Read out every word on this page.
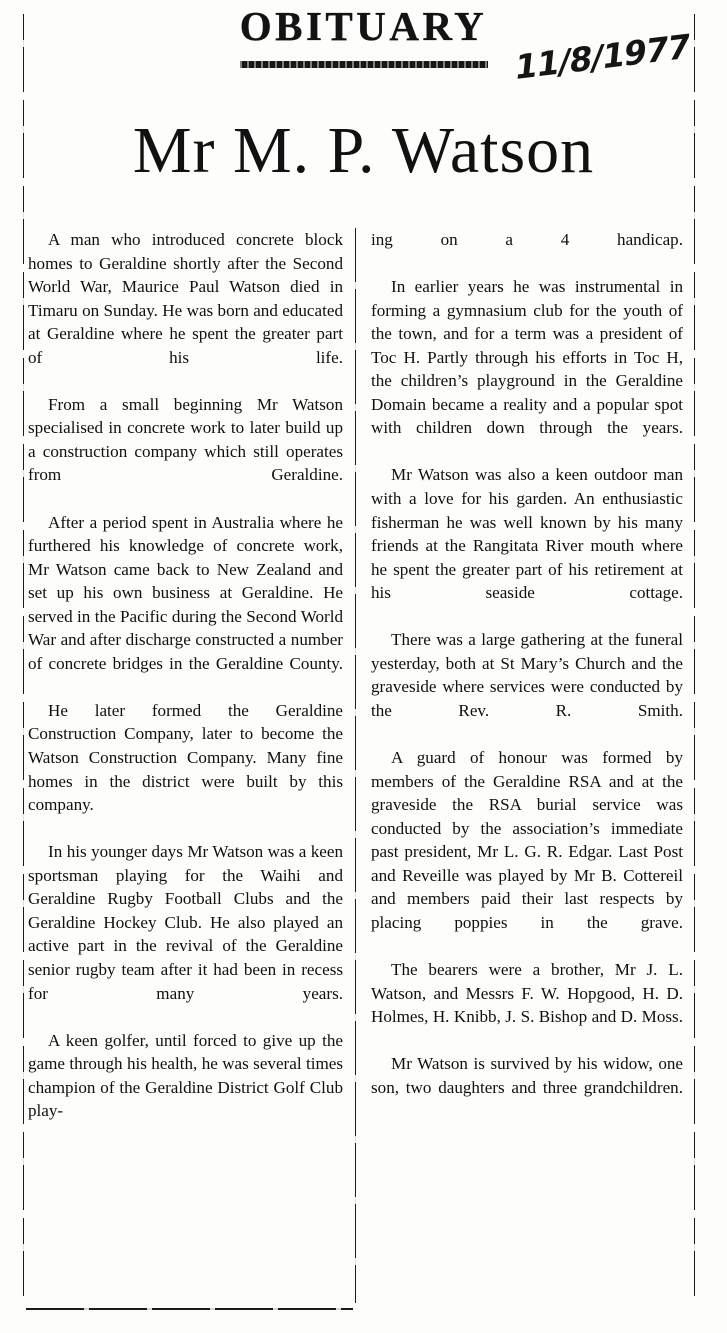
OBITUARY
11/8/1977
Mr M. P. Watson

A man who introduced concrete block homes to Geraldine shortly after the Second World War, Maurice Paul Watson died in Timaru on Sunday. He was born and educated at Geraldine where he spent the greater part of his life.

From a small beginning Mr Watson specialised in concrete work to later build up a construction company which still operates from Geraldine.

After a period spent in Australia where he furthered his knowledge of concrete work, Mr Watson came back to New Zealand and set up his own business at Geraldine. He served in the Pacific during the Second World War and after discharge constructed a number of concrete bridges in the Geraldine County.

He later formed the Geraldine Construction Company, later to become the Watson Construction Company. Many fine homes in the district were built by this company.

In his younger days Mr Watson was a keen sportsman playing for the Waihi and Geraldine Rugby Football Clubs and the Geraldine Hockey Club. He also played an active part in the revival of the Geraldine senior rugby team after it had been in recess for many years.

A keen golfer, until forced to give up the game through his health, he was several times champion of the Geraldine District Golf Club play-

ing on a 4 handicap.

In earlier years he was instrumental in forming a gymnasium club for the youth of the town, and for a term was a president of Toc H. Partly through his efforts in Toc H, the children’s playground in the Geraldine Domain became a reality and a popular spot with children down through the years.

Mr Watson was also a keen outdoor man with a love for his garden. An enthusiastic fisherman he was well known by his many friends at the Rangitata River mouth where he spent the greater part of his retirement at his seaside cottage.

There was a large gathering at the funeral yesterday, both at St Mary’s Church and the graveside where services were conducted by the Rev. R. Smith.

A guard of honour was formed by members of the Geraldine RSA and at the graveside the RSA burial service was conducted by the association’s immediate past president, Mr L. G. R. Edgar. Last Post and Reveille was played by Mr B. Cottereil and members paid their last respects by placing poppies in the grave.

The bearers were a brother, Mr J. L. Watson, and Messrs F. W. Hopgood, H. D. Holmes, H. Knibb, J. S. Bishop and D. Moss.

Mr Watson is survived by his widow, one son, two daughters and three grandchildren.
